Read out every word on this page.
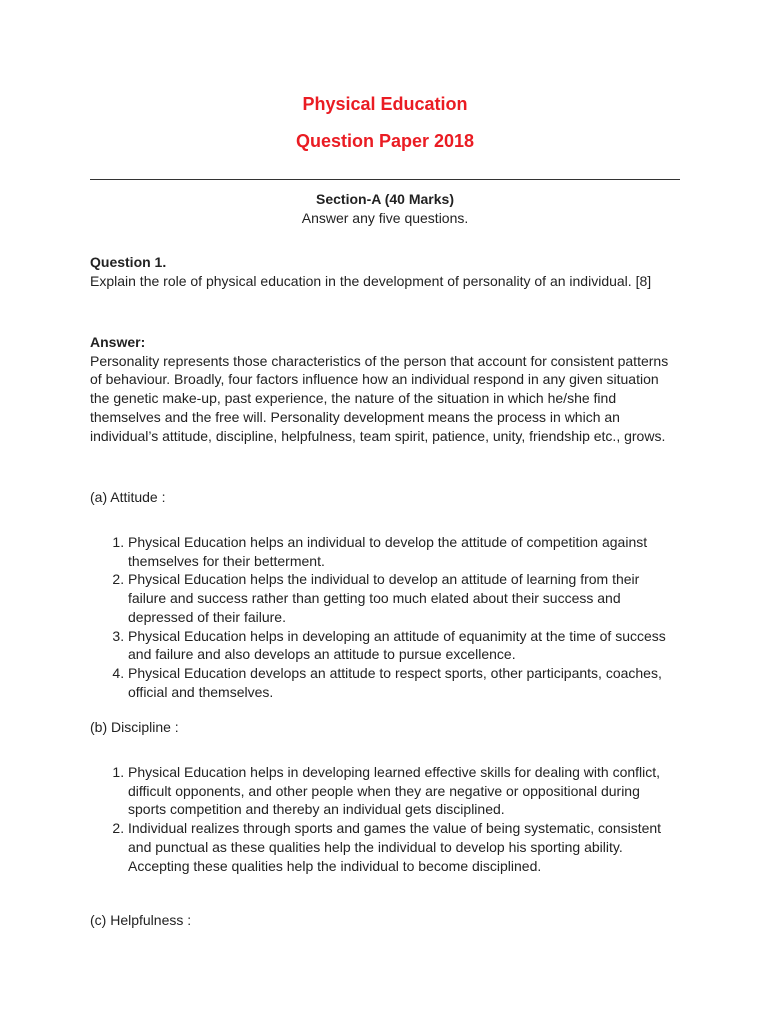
Physical Education
Question Paper 2018
Section-A (40 Marks)
Answer any five questions.
Question 1.
Explain the role of physical education in the development of personality of an individual. [8]
Answer:
Personality represents those characteristics of the person that account for consistent patterns of behaviour. Broadly, four factors influence how an individual respond in any given situation the genetic make-up, past experience, the nature of the situation in which he/she find themselves and the free will. Personality development means the process in which an individual’s attitude, discipline, helpfulness, team spirit, patience, unity, friendship etc., grows.
(a) Attitude :
1. Physical Education helps an individual to develop the attitude of competition against themselves for their betterment.
2. Physical Education helps the individual to develop an attitude of learning from their failure and success rather than getting too much elated about their success and depressed of their failure.
3. Physical Education helps in developing an attitude of equanimity at the time of success and failure and also develops an attitude to pursue excellence.
4. Physical Education develops an attitude to respect sports, other participants, coaches, official and themselves.
(b) Discipline :
1. Physical Education helps in developing learned effective skills for dealing with conflict, difficult opponents, and other people when they are negative or oppositional during sports competition and thereby an individual gets disciplined.
2. Individual realizes through sports and games the value of being systematic, consistent and punctual as these qualities help the individual to develop his sporting ability. Accepting these qualities help the individual to become disciplined.
(c) Helpfulness :
